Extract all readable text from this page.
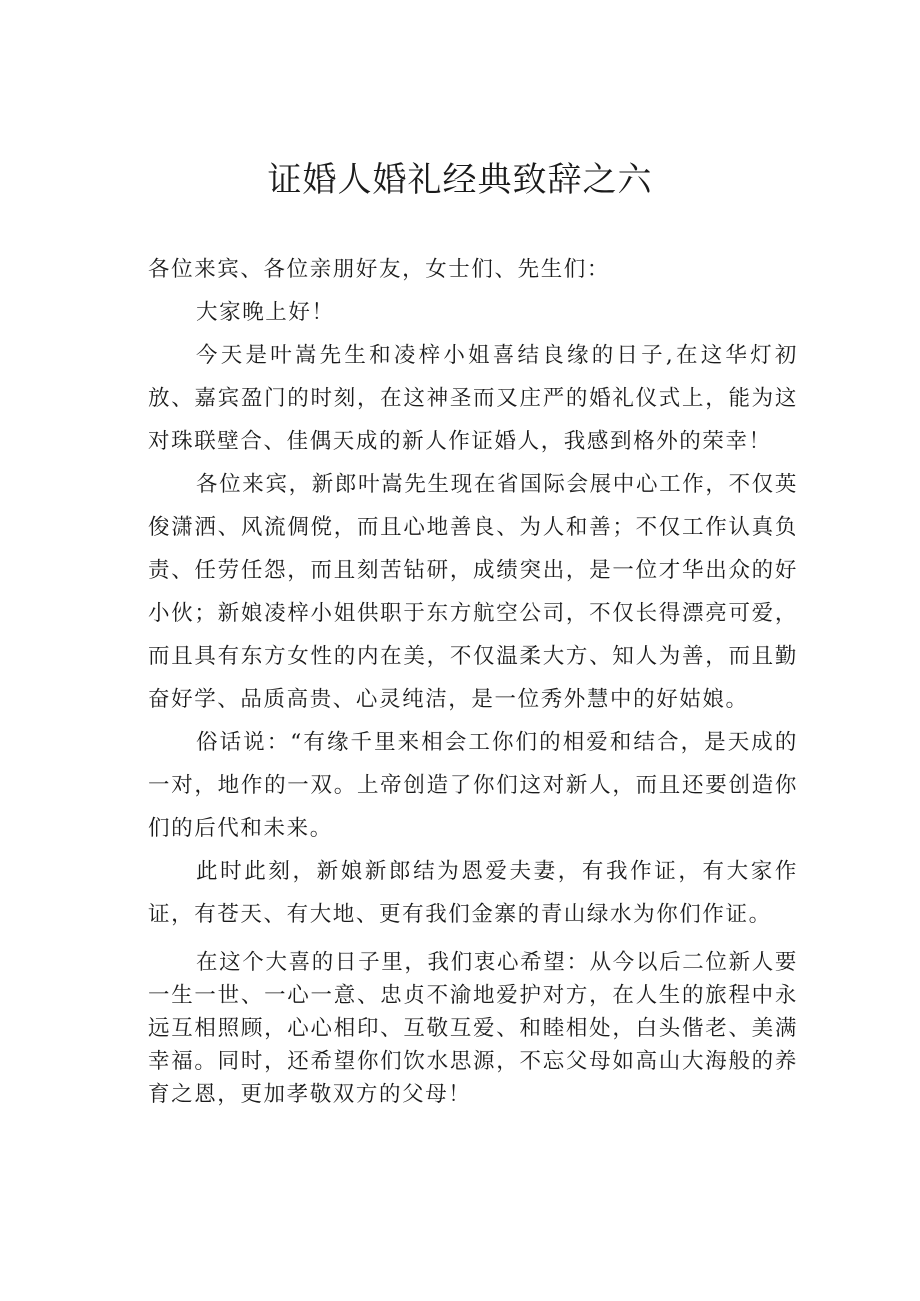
证婚人婚礼经典致辞之六

各位来宾、各位亲朋好友，女士们、先生们：

大家晚上好！

今天是叶嵩先生和凌梓小姐喜结良缘的日子,在这华灯初放、嘉宾盈门的时刻，在这神圣而又庄严的婚礼仪式上，能为这对珠联壁合、佳偶天成的新人作证婚人，我感到格外的荣幸！

各位来宾，新郎叶嵩先生现在省国际会展中心工作，不仅英俊潇洒、风流倜傥，而且心地善良、为人和善；不仅工作认真负责、任劳任怨，而且刻苦钻研，成绩突出，是一位才华出众的好小伙；新娘凌梓小姐供职于东方航空公司，不仅长得漂亮可爱，而且具有东方女性的内在美，不仅温柔大方、知人为善，而且勤奋好学、品质高贵、心灵纯洁，是一位秀外慧中的好姑娘。

俗话说：“有缘千里来相会工你们的相爱和结合，是天成的一对，地作的一双。上帝创造了你们这对新人，而且还要创造你们的后代和未来。

此时此刻，新娘新郎结为恩爱夫妻，有我作证，有大家作证，有苍天、有大地、更有我们金寨的青山绿水为你们作证。

在这个大喜的日子里，我们衷心希望：从今以后二位新人要一生一世、一心一意、忠贞不渝地爱护对方，在人生的旅程中永远互相照顾，心心相印、互敬互爱、和睦相处，白头偕老、美满幸福。同时，还希望你们饮水思源，不忘父母如高山大海般的养育之恩，更加孝敬双方的父母！
